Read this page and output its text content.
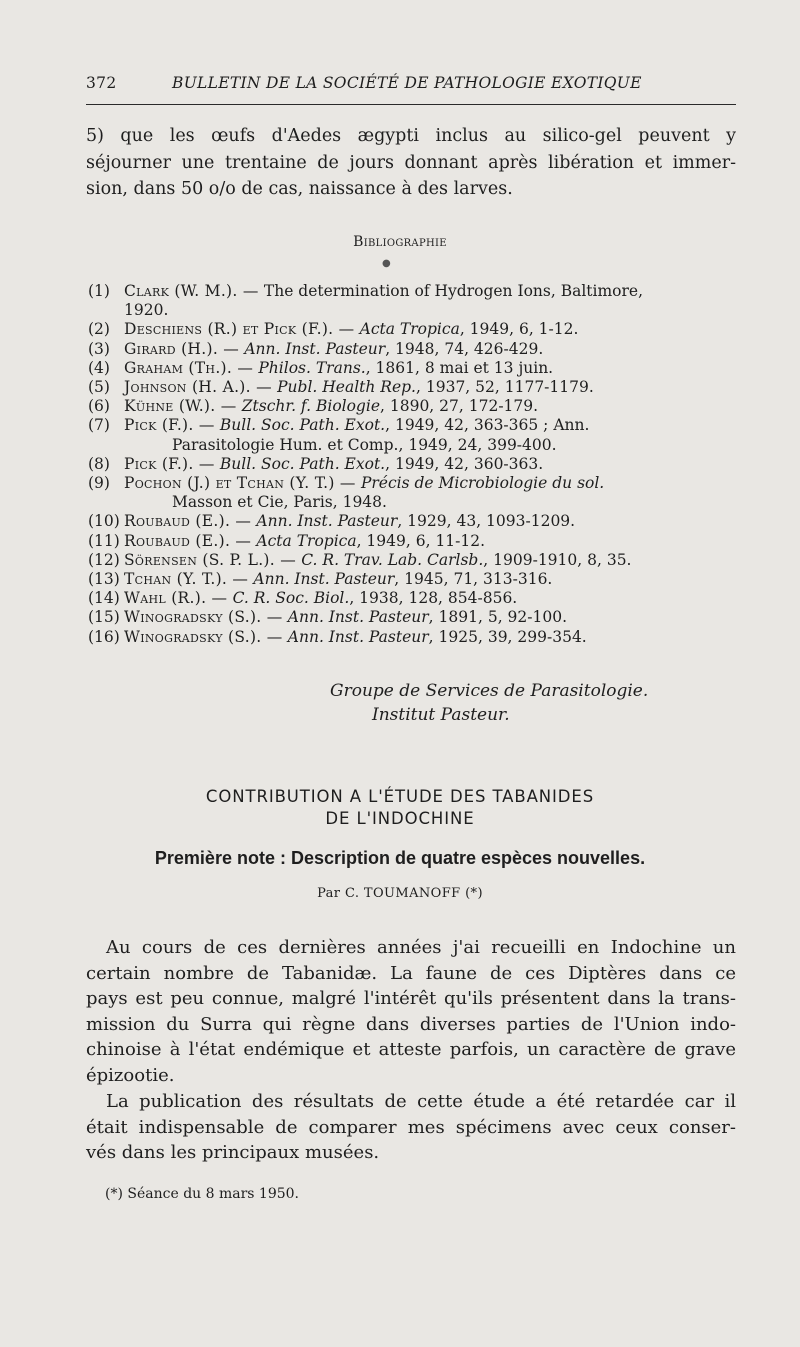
372	BULLETIN DE LA SOCIÉTÉ DE PATHOLOGIE EXOTIQUE
5) que les œufs d'Aedes ægypti inclus au silico-gel peuvent y
séjourner une trentaine de jours donnant après libération et immer-
sion, dans 50 o/o de cas, naissance à des larves.
Bibliographie
●
(1) Clark (W. M.). — The determination of Hydrogen Ions, Baltimore,
1920.
(2) Deschiens (R.) et Pick (F.). — Acta Tropica, 1949, 6, 1-12.
(3) Girard (H.). — Ann. Inst. Pasteur, 1948, 74, 426-429.
(4) Graham (Th.). — Philos. Trans., 1861, 8 mai et 13 juin.
(5) Johnson (H. A.). — Publ. Health Rep., 1937, 52, 1177-1179.
(6) Kühne (W.). — Ztschr. f. Biologie, 1890, 27, 172-179.
(7) Pick (F.). — Bull. Soc. Path. Exot., 1949, 42, 363-365 ; Ann.
Parasitologie Hum. et Comp., 1949, 24, 399-400.
(8) Pick (F.). — Bull. Soc. Path. Exot., 1949, 42, 360-363.
(9) Pochon (J.) et Tchan (Y. T.) — Précis de Microbiologie du sol.
Masson et Cie, Paris, 1948.
(10) Roubaud (E.). — Ann. Inst. Pasteur, 1929, 43, 1093-1209.
(11) Roubaud (E.). — Acta Tropica, 1949, 6, 11-12.
(12) Sörensen (S. P. L.). — C. R. Trav. Lab. Carlsb., 1909-1910, 8, 35.
(13) Tchan (Y. T.). — Ann. Inst. Pasteur, 1945, 71, 313-316.
(14) Wahl (R.). — C. R. Soc. Biol., 1938, 128, 854-856.
(15) Winogradsky (S.). — Ann. Inst. Pasteur, 1891, 5, 92-100.
(16) Winogradsky (S.). — Ann. Inst. Pasteur, 1925, 39, 299-354.
Groupe de Services de Parasitologie.
Institut Pasteur.
CONTRIBUTION A L'ÉTUDE DES TABANIDES
DE L'INDOCHINE
Première note : Description de quatre espèces nouvelles.
Par C. TOUMANOFF (*)
Au cours de ces dernières années j'ai recueilli en Indochine un
certain nombre de Tabanidæ. La faune de ces Diptères dans ce
pays est peu connue, malgré l'intérêt qu'ils présentent dans la trans-
mission du Surra qui règne dans diverses parties de l'Union indo-
chinoise à l'état endémique et atteste parfois, un caractère de grave
épizootie.
La publication des résultats de cette étude a été retardée car il
était indispensable de comparer mes spécimens avec ceux conser-
vés dans les principaux musées.
(*) Séance du 8 mars 1950.
